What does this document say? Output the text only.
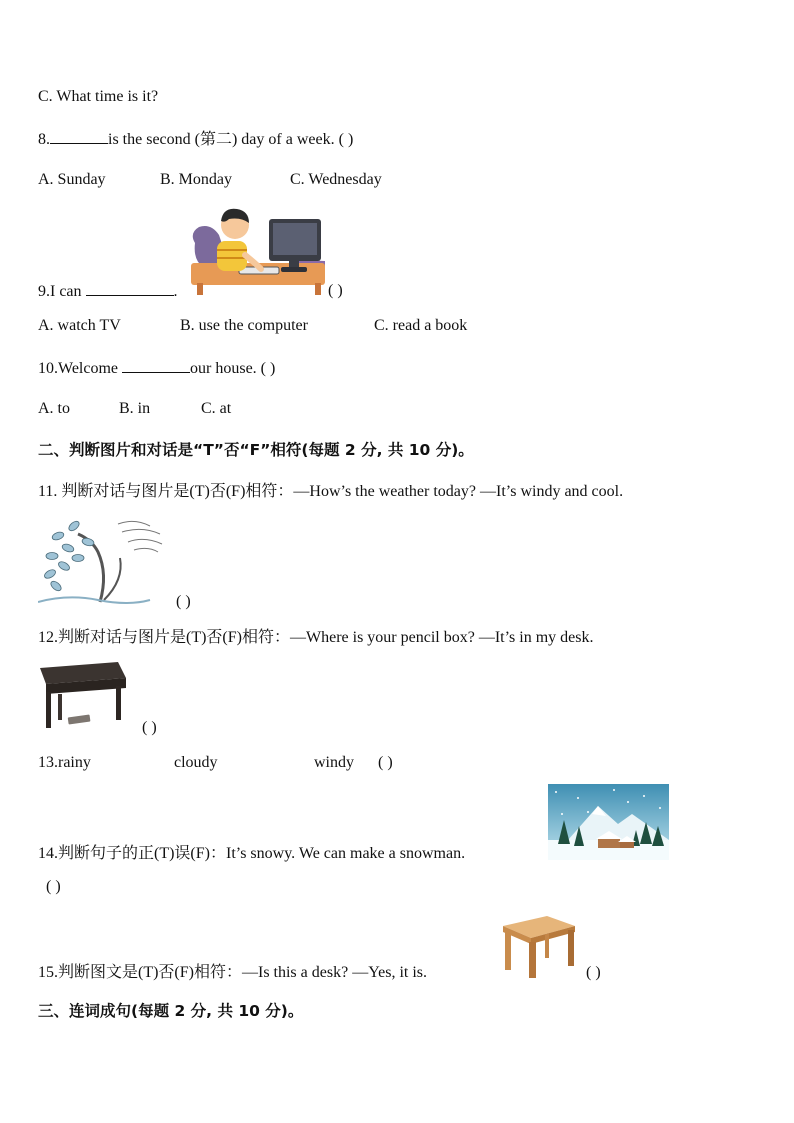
C. What time is it?
8.	is the second (第二) day of a week. ( )
A. Sunday	B. Monday	C. Wednesday
9.I can	.	( )
A. watch TV	B. use the computer	C. read a book
10.Welcome	our house. ( )
A. to	B. in	C. at
二、判断图片和对话是“T”否“F”相符(每题 2 分, 共 10 分)。
11. 判断对话与图片是(T)否(F)相符：—How’s the weather today? —It’s windy and cool.
( )
12.判断对话与图片是(T)否(F)相符：—Where is your pencil box? —It’s in my desk.
( )
13.rainy	cloudy	windy ( )
14.判断句子的正(T)误(F)：It’s snowy. We can make a snowman.
( )
15.判断图文是(T)否(F)相符：—Is this a desk? —Yes, it is.	( )
三、连词成句(每题 2 分, 共 10 分)。
